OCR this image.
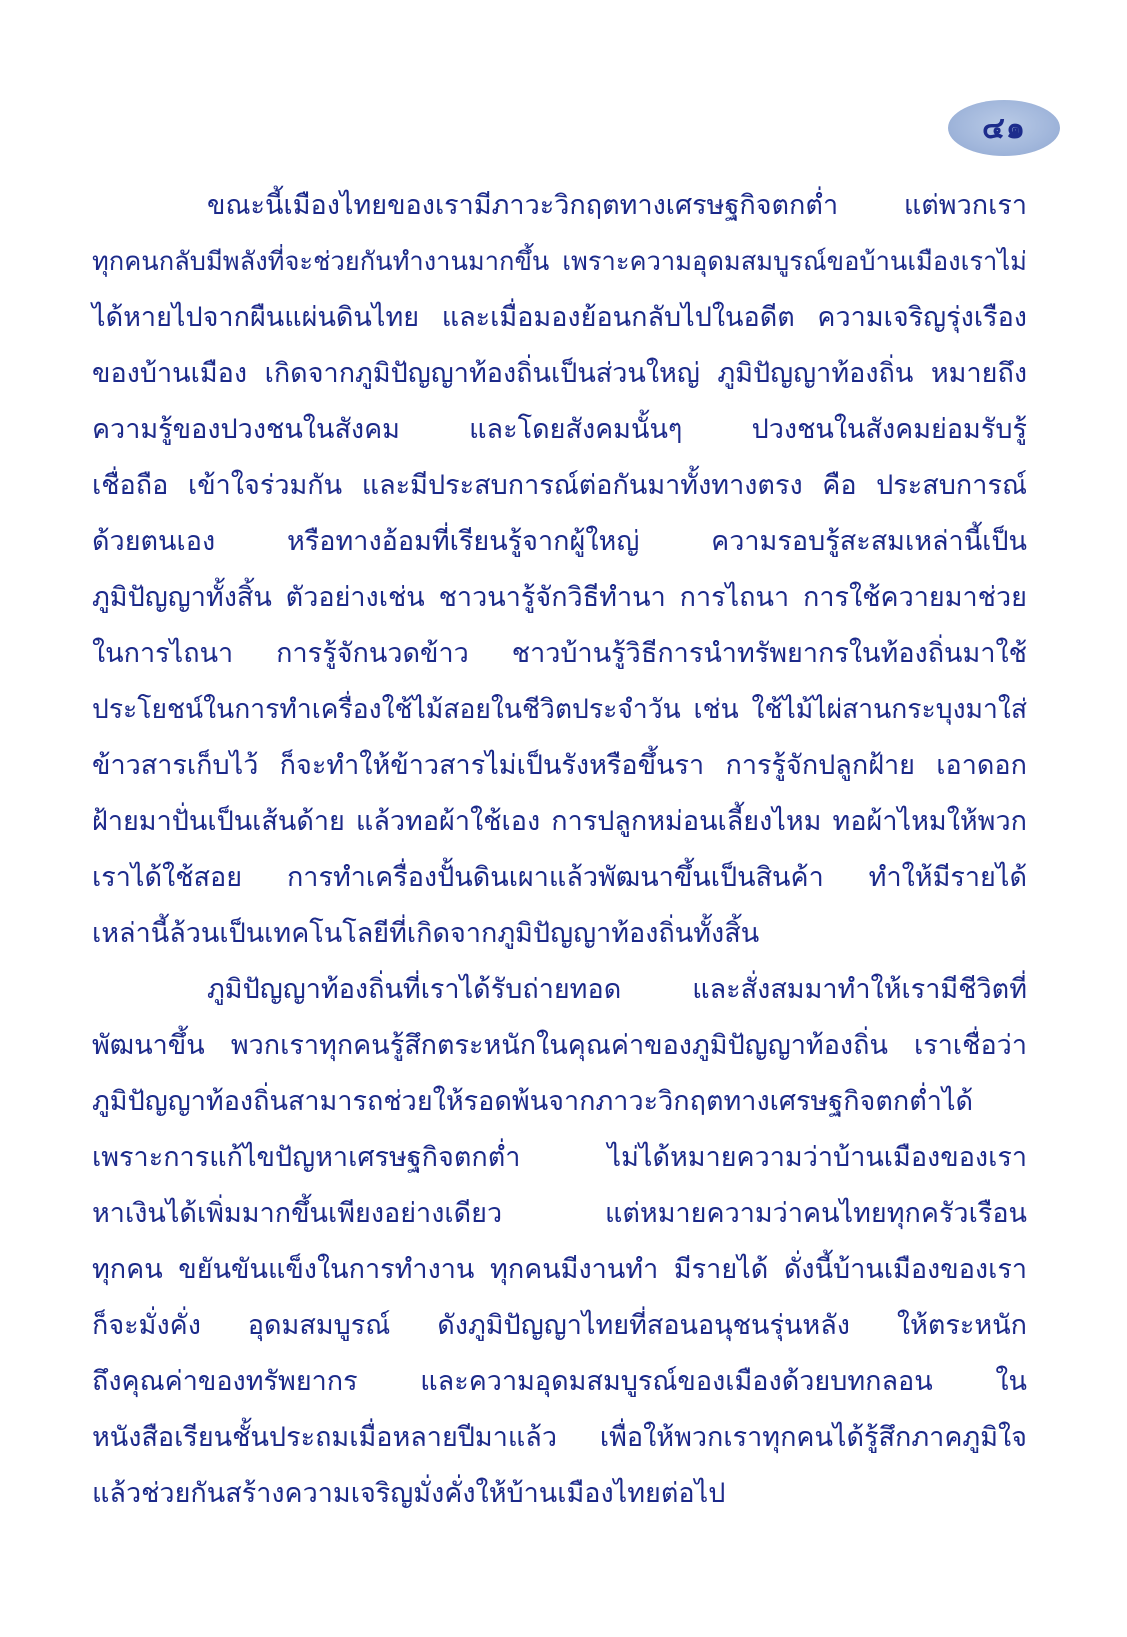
๔๑
ขณะนี้เมืองไทยของเรามีภาวะวิกฤตทางเศรษฐกิจตกต่ำ แต่พวกเรา
ทุกคนกลับมีพลังที่จะช่วยกันทำงานมากขึ้น เพราะความอุดมสมบูรณ์ขอบ้านเมืองเราไม่
ได้หายไปจากผืนแผ่นดินไทย และเมื่อมองย้อนกลับไปในอดีต ความเจริญรุ่งเรือง
ของบ้านเมือง เกิดจากภูมิปัญญาท้องถิ่นเป็นส่วนใหญ่ ภูมิปัญญาท้องถิ่น หมายถึง
ความรู้ของปวงชนในสังคม และโดยสังคมนั้นๆ ปวงชนในสังคมย่อมรับรู้
เชื่อถือ เข้าใจร่วมกัน และมีประสบการณ์ต่อกันมาทั้งทางตรง คือ ประสบการณ์
ด้วยตนเอง หรือทางอ้อมที่เรียนรู้จากผู้ใหญ่ ความรอบรู้สะสมเหล่านี้เป็น
ภูมิปัญญาทั้งสิ้น ตัวอย่างเช่น ชาวนารู้จักวิธีทำนา การไถนา การใช้ควายมาช่วย
ในการไถนา การรู้จักนวดข้าว ชาวบ้านรู้วิธีการนำทรัพยากรในท้องถิ่นมาใช้
ประโยชน์ในการทำเครื่องใช้ไม้สอยในชีวิตประจำวัน เช่น ใช้ไม้ไผ่สานกระบุงมาใส่
ข้าวสารเก็บไว้ ก็จะทำให้ข้าวสารไม่เป็นรังหรือขึ้นรา การรู้จักปลูกฝ้าย เอาดอก
ฝ้ายมาปั่นเป็นเส้นด้าย แล้วทอผ้าใช้เอง การปลูกหม่อนเลี้ยงไหม ทอผ้าไหมให้พวก
เราได้ใช้สอย การทำเครื่องปั้นดินเผาแล้วพัฒนาขึ้นเป็นสินค้า ทำให้มีรายได้
เหล่านี้ล้วนเป็นเทคโนโลยีที่เกิดจากภูมิปัญญาท้องถิ่นทั้งสิ้น
ภูมิปัญญาท้องถิ่นที่เราได้รับถ่ายทอด และสั่งสมมาทำให้เรามีชีวิตที่
พัฒนาขึ้น พวกเราทุกคนรู้สึกตระหนักในคุณค่าของภูมิปัญญาท้องถิ่น เราเชื่อว่า
ภูมิปัญญาท้องถิ่นสามารถช่วยให้รอดพ้นจากภาวะวิกฤตทางเศรษฐกิจตกต่ำได้
เพราะการแก้ไขปัญหาเศรษฐกิจตกต่ำ ไม่ได้หมายความว่าบ้านเมืองของเรา
หาเงินได้เพิ่มมากขึ้นเพียงอย่างเดียว แต่หมายความว่าคนไทยทุกครัวเรือน
ทุกคน ขยันขันแข็งในการทำงาน ทุกคนมีงานทำ มีรายได้ ดั่งนี้บ้านเมืองของเรา
ก็จะมั่งคั่ง อุดมสมบูรณ์ ดังภูมิปัญญาไทยที่สอนอนุชนรุ่นหลัง ให้ตระหนัก
ถึงคุณค่าของทรัพยากร และความอุดมสมบูรณ์ของเมืองด้วยบทกลอน ใน
หนังสือเรียนชั้นประถมเมื่อหลายปีมาแล้ว เพื่อให้พวกเราทุกคนได้รู้สึกภาคภูมิใจ
แล้วช่วยกันสร้างความเจริญมั่งคั่งให้บ้านเมืองไทยต่อไป
